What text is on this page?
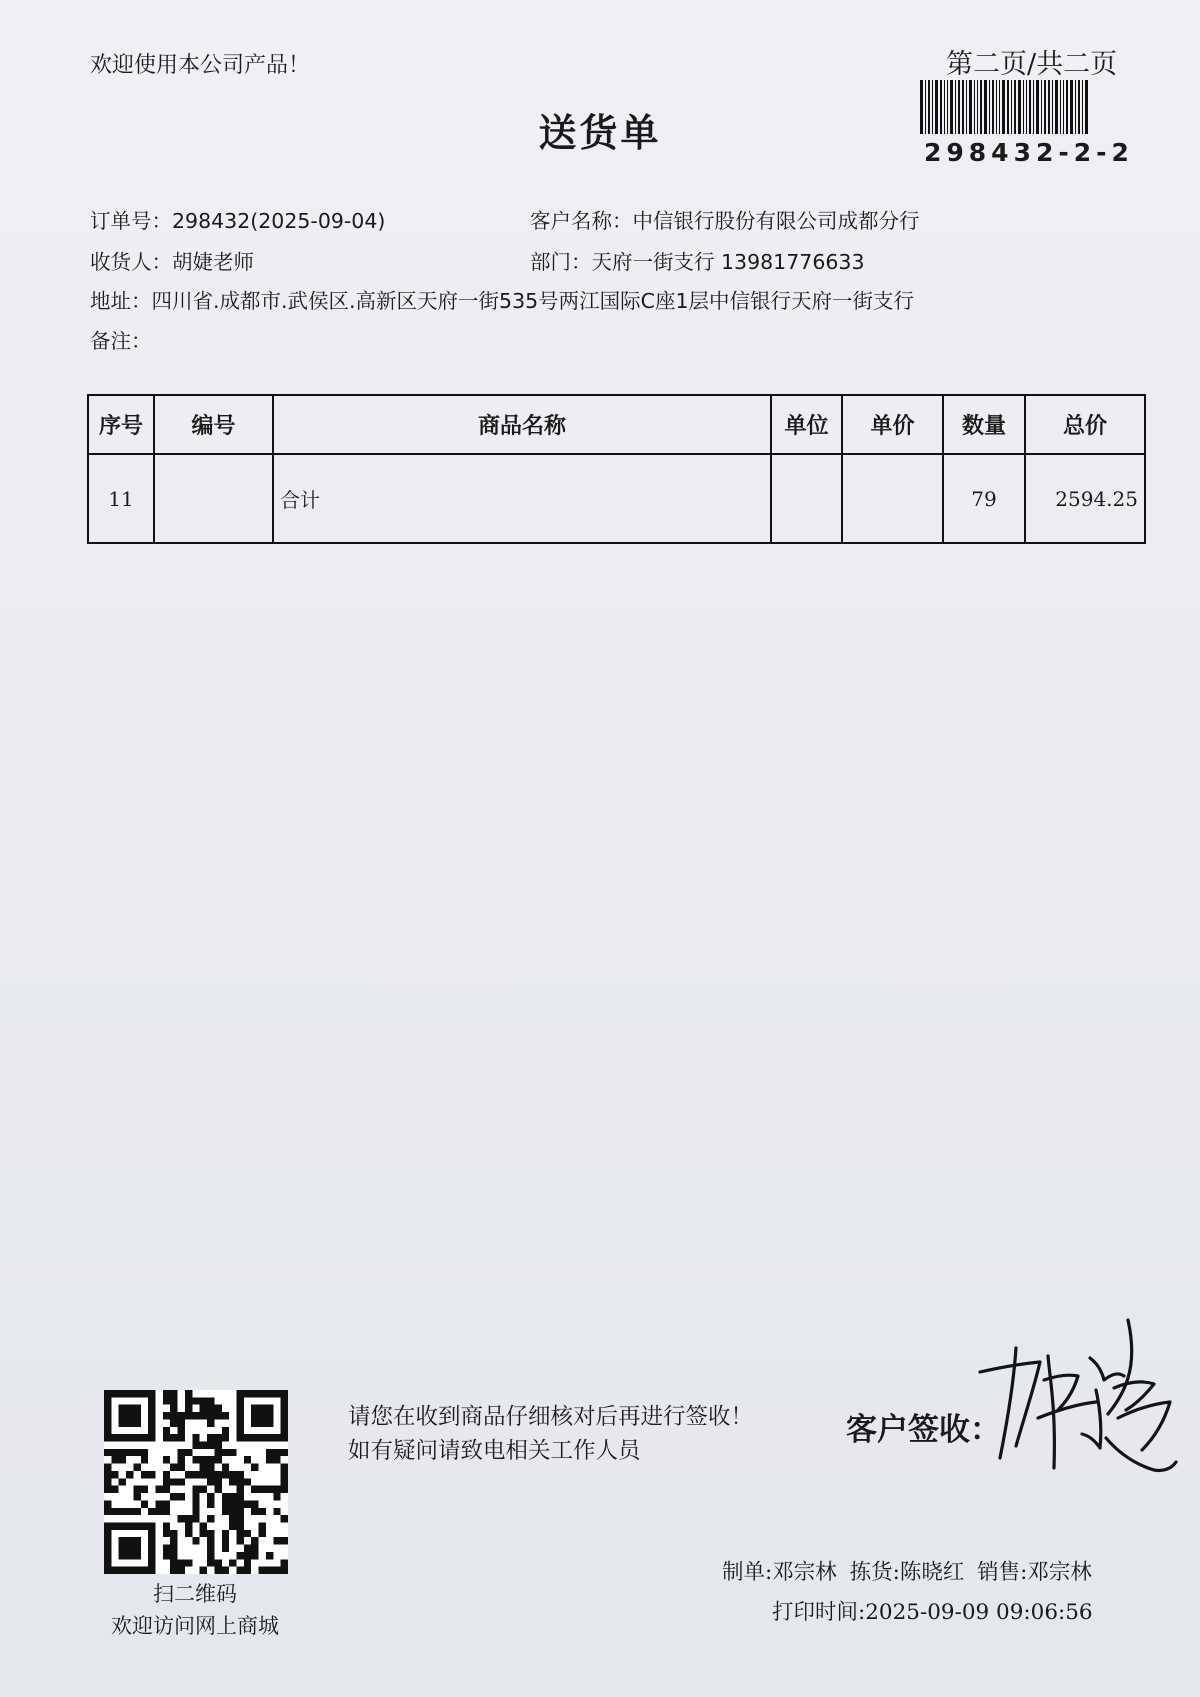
欢迎使用本公司产品！	第二页/共二页
298432-2-2
送货单
订单号：298432(2025-09-04)	客户名称：中信银行股份有限公司成都分行
收货人：胡婕老师	部门：天府一街支行 13981776633
地址：四川省.成都市.武侯区.高新区天府一街535号两江国际C座1层中信银行天府一街支行
备注：
序号	编号	商品名称	单位	单价	数量	总价
11		合计			79	2594.25
扫二维码
欢迎访问网上商城
请您在收到商品仔细核对后再进行签收！如有疑问请致电相关工作人员
客户签收：
制单:邓宗林 拣货:陈晓红 销售:邓宗林
打印时间:2025-09-09 09:06:56
